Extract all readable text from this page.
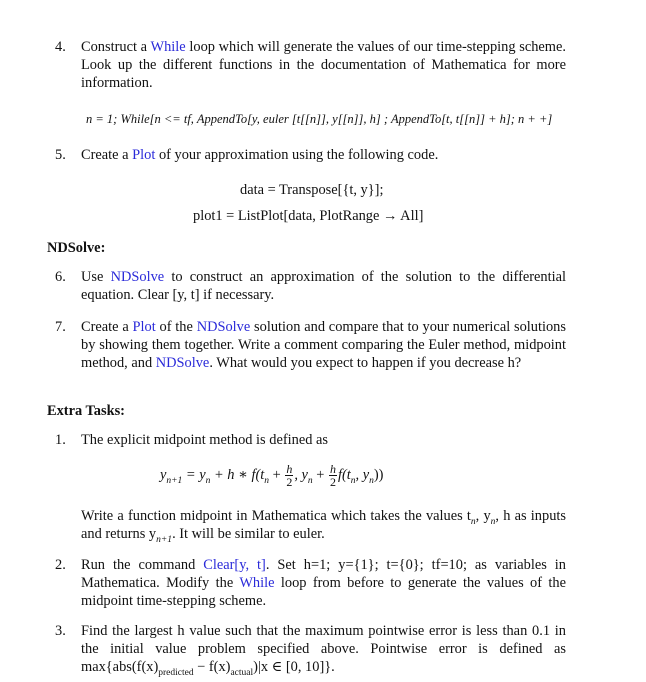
4. Construct a While loop which will generate the values of our time-stepping scheme. Look up the different functions in the documentation of Mathematica for more information.
n = 1; While[n <= tf, AppendTo[y, euler [t[[n]], y[[n]], h] ; AppendTo[t, t[[n]] + h]; n + +]
5. Create a Plot of your approximation using the following code.
data = Transpose[{t, y}];
plot1 = ListPlot[data, PlotRange → All]
NDSolve:
6. Use NDSolve to construct an approximation of the solution to the differential equation. Clear [y, t] if necessary.
7. Create a Plot of the NDSolve solution and compare that to your numerical solutions by showing them together. Write a comment comparing the Euler method, midpoint method, and NDSolve. What would you expect to happen if you decrease h?
Extra Tasks:
1. The explicit midpoint method is defined as
$y_{n+1} = y_n + h$ ∗ $f(t_n + \frac{h}{2}$ , $y_n + \frac{h}{2} f(t_n$, $y_n$))
Write a function midpoint in Mathematica which takes the values $t_n$, $y_n$, h as inputs and returns $y_{n+1}$. It will be similar to euler.
2. Run the command Clear[y, t]. Set h=1; y={1}; t={0}; tf=10; as variables in Mathematica. Modify the While loop from before to generate the values of the midpoint time-stepping scheme.
3. Find the largest h value such that the maximum pointwise error is less than 0.1 in the initial value problem specified above. Pointwise error is defined as $\max\{abs(f(x)_{predicted} - f(x)_{actual})|x$ ∈ [0, 10]}.
